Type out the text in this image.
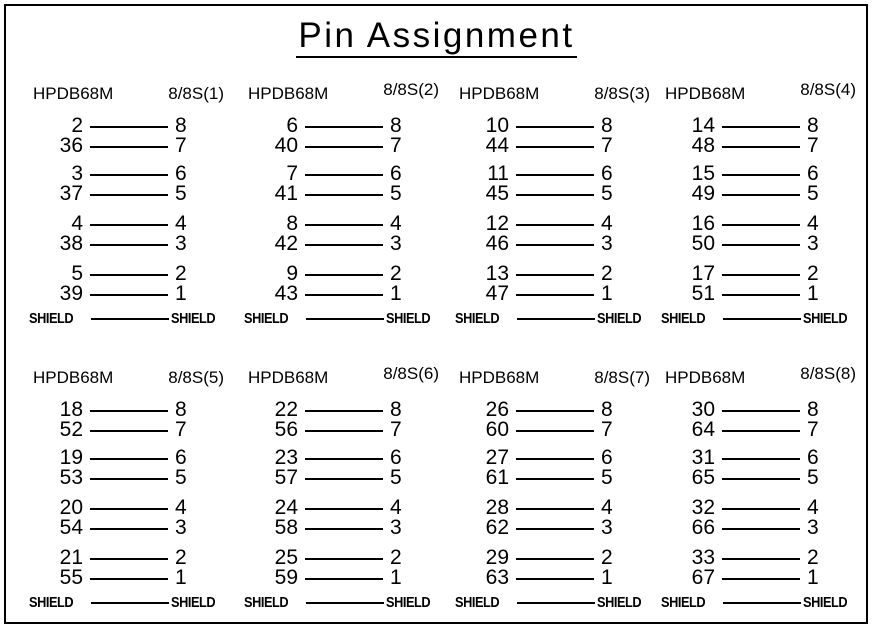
Pin Assignment
HPDB68M	8/8S(1)
2	8
36	7
3	6
37	5
4	4
38	3
5	2
39	1
SHIELD	SHIELD
HPDB68M	8/8S(2)
6	8
40	7
7	6
41	5
8	4
42	3
9	2
43	1
SHIELD	SHIELD
HPDB68M	8/8S(3)
10	8
44	7
11	6
45	5
12	4
46	3
13	2
47	1
SHIELD	SHIELD
HPDB68M	8/8S(4)
14	8
48	7
15	6
49	5
16	4
50	3
17	2
51	1
SHIELD	SHIELD
HPDB68M	8/8S(5)
18	8
52	7
19	6
53	5
20	4
54	3
21	2
55	1
SHIELD	SHIELD
HPDB68M	8/8S(6)
22	8
56	7
23	6
57	5
24	4
58	3
25	2
59	1
SHIELD	SHIELD
HPDB68M	8/8S(7)
26	8
60	7
27	6
61	5
28	4
62	3
29	2
63	1
SHIELD	SHIELD
HPDB68M	8/8S(8)
30	8
64	7
31	6
65	5
32	4
66	3
33	2
67	1
SHIELD	SHIELD
